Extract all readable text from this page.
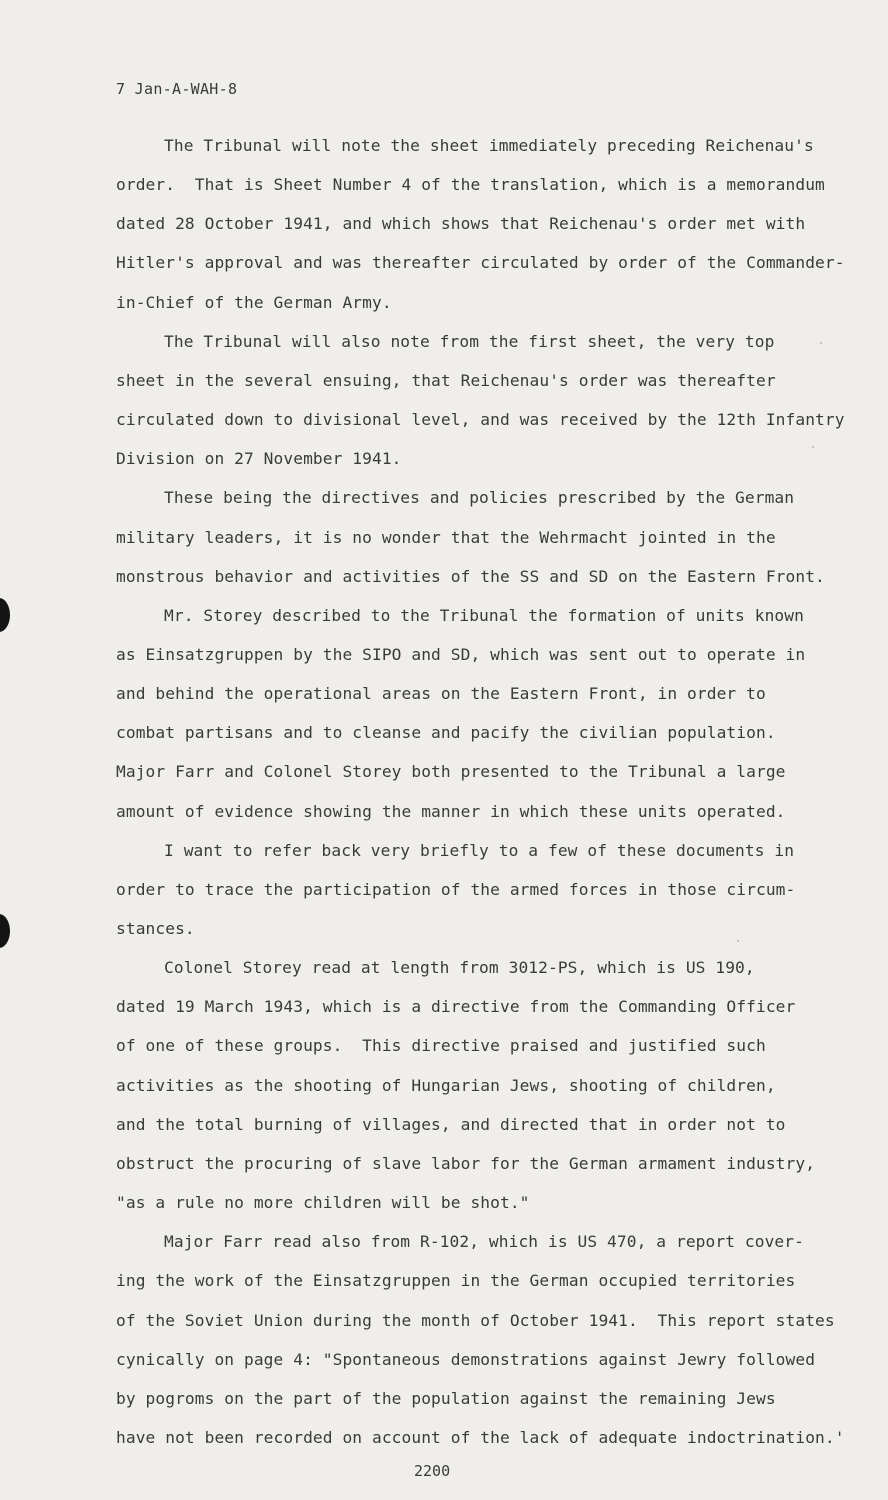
7 Jan-A-WAH-8
The Tribunal will note the sheet immediately preceding Reichenau's
order.  That is Sheet Number 4 of the translation, which is a memorandum
dated 28 October 1941, and which shows that Reichenau's order met with
Hitler's approval and was thereafter circulated by order of the Commander-
in-Chief of the German Army.
The Tribunal will also note from the first sheet, the very top
sheet in the several ensuing, that Reichenau's order was thereafter
circulated down to divisional level, and was received by the 12th Infantry
Division on 27 November 1941.
These being the directives and policies prescribed by the German
military leaders, it is no wonder that the Wehrmacht jointed in the
monstrous behavior and activities of the SS and SD on the Eastern Front.
Mr. Storey described to the Tribunal the formation of units known
as Einsatzgruppen by the SIPO and SD, which was sent out to operate in
and behind the operational areas on the Eastern Front, in order to
combat partisans and to cleanse and pacify the civilian population.
Major Farr and Colonel Storey both presented to the Tribunal a large
amount of evidence showing the manner in which these units operated.
I want to refer back very briefly to a few of these documents in
order to trace the participation of the armed forces in those circum-
stances.
Colonel Storey read at length from 3012-PS, which is US 190,
dated 19 March 1943, which is a directive from the Commanding Officer
of one of these groups.  This directive praised and justified such
activities as the shooting of Hungarian Jews, shooting of children,
and the total burning of villages, and directed that in order not to
obstruct the procuring of slave labor for the German armament industry,
"as a rule no more children will be shot."
Major Farr read also from R-102, which is US 470, a report cover-
ing the work of the Einsatzgruppen in the German occupied territories
of the Soviet Union during the month of October 1941.  This report states
cynically on page 4: "Spontaneous demonstrations against Jewry followed
by pogroms on the part of the population against the remaining Jews
have not been recorded on account of the lack of adequate indoctrination.'
2200
